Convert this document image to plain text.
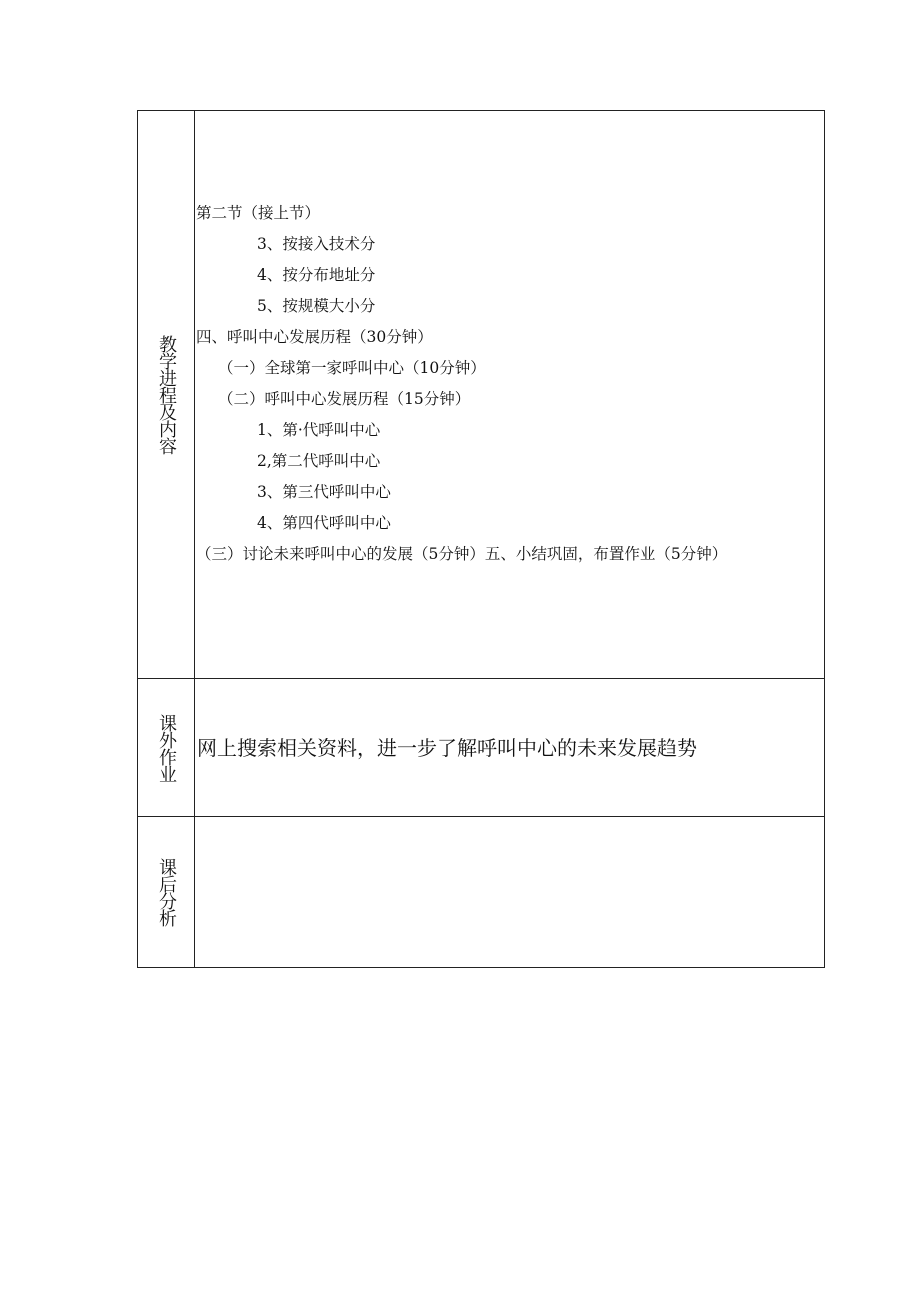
教学进程及内容
第二节（接上节）
3、按接入技术分
4、按分布地址分
5、按规模大小分
四、呼叫中心发展历程（30分钟）
（一）全球第一家呼叫中心（10分钟）
（二）呼叫中心发展历程（15分钟）
1、第·代呼叫中心
2,第二代呼叫中心
3、第三代呼叫中心
4、第四代呼叫中心
（三）讨论未来呼叫中心的发展（5分钟）五、小结巩固，布置作业（5分钟）
课外作业 网上搜索相关资料，进一步了解呼叫中心的未来发展趋势
课后分析
